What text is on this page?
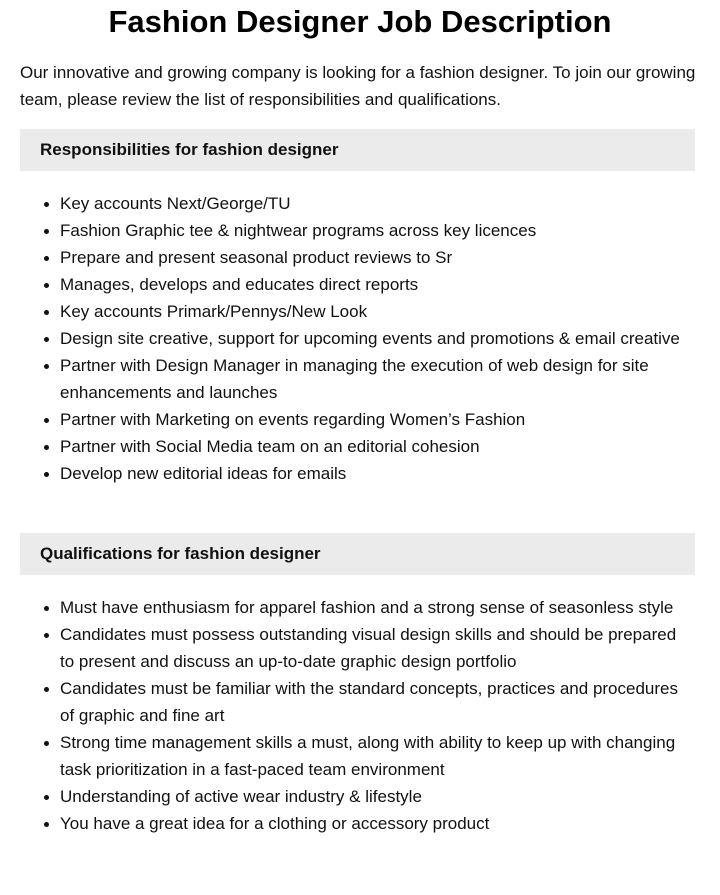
Fashion Designer Job Description

Our innovative and growing company is looking for a fashion designer. To join our growing team, please review the list of responsibilities and qualifications.

Responsibilities for fashion designer
Key accounts Next/George/TU
Fashion Graphic tee & nightwear programs across key licences
Prepare and present seasonal product reviews to Sr
Manages, develops and educates direct reports
Key accounts Primark/Pennys/New Look
Design site creative, support for upcoming events and promotions & email creative
Partner with Design Manager in managing the execution of web design for site enhancements and launches
Partner with Marketing on events regarding Women’s Fashion
Partner with Social Media team on an editorial cohesion
Develop new editorial ideas for emails
Qualifications for fashion designer
Must have enthusiasm for apparel fashion and a strong sense of seasonless style
Candidates must possess outstanding visual design skills and should be prepared to present and discuss an up-to-date graphic design portfolio
Candidates must be familiar with the standard concepts, practices and procedures of graphic and fine art
Strong time management skills a must, along with ability to keep up with changing task prioritization in a fast-paced team environment
Understanding of active wear industry & lifestyle
You have a great idea for a clothing or accessory product
